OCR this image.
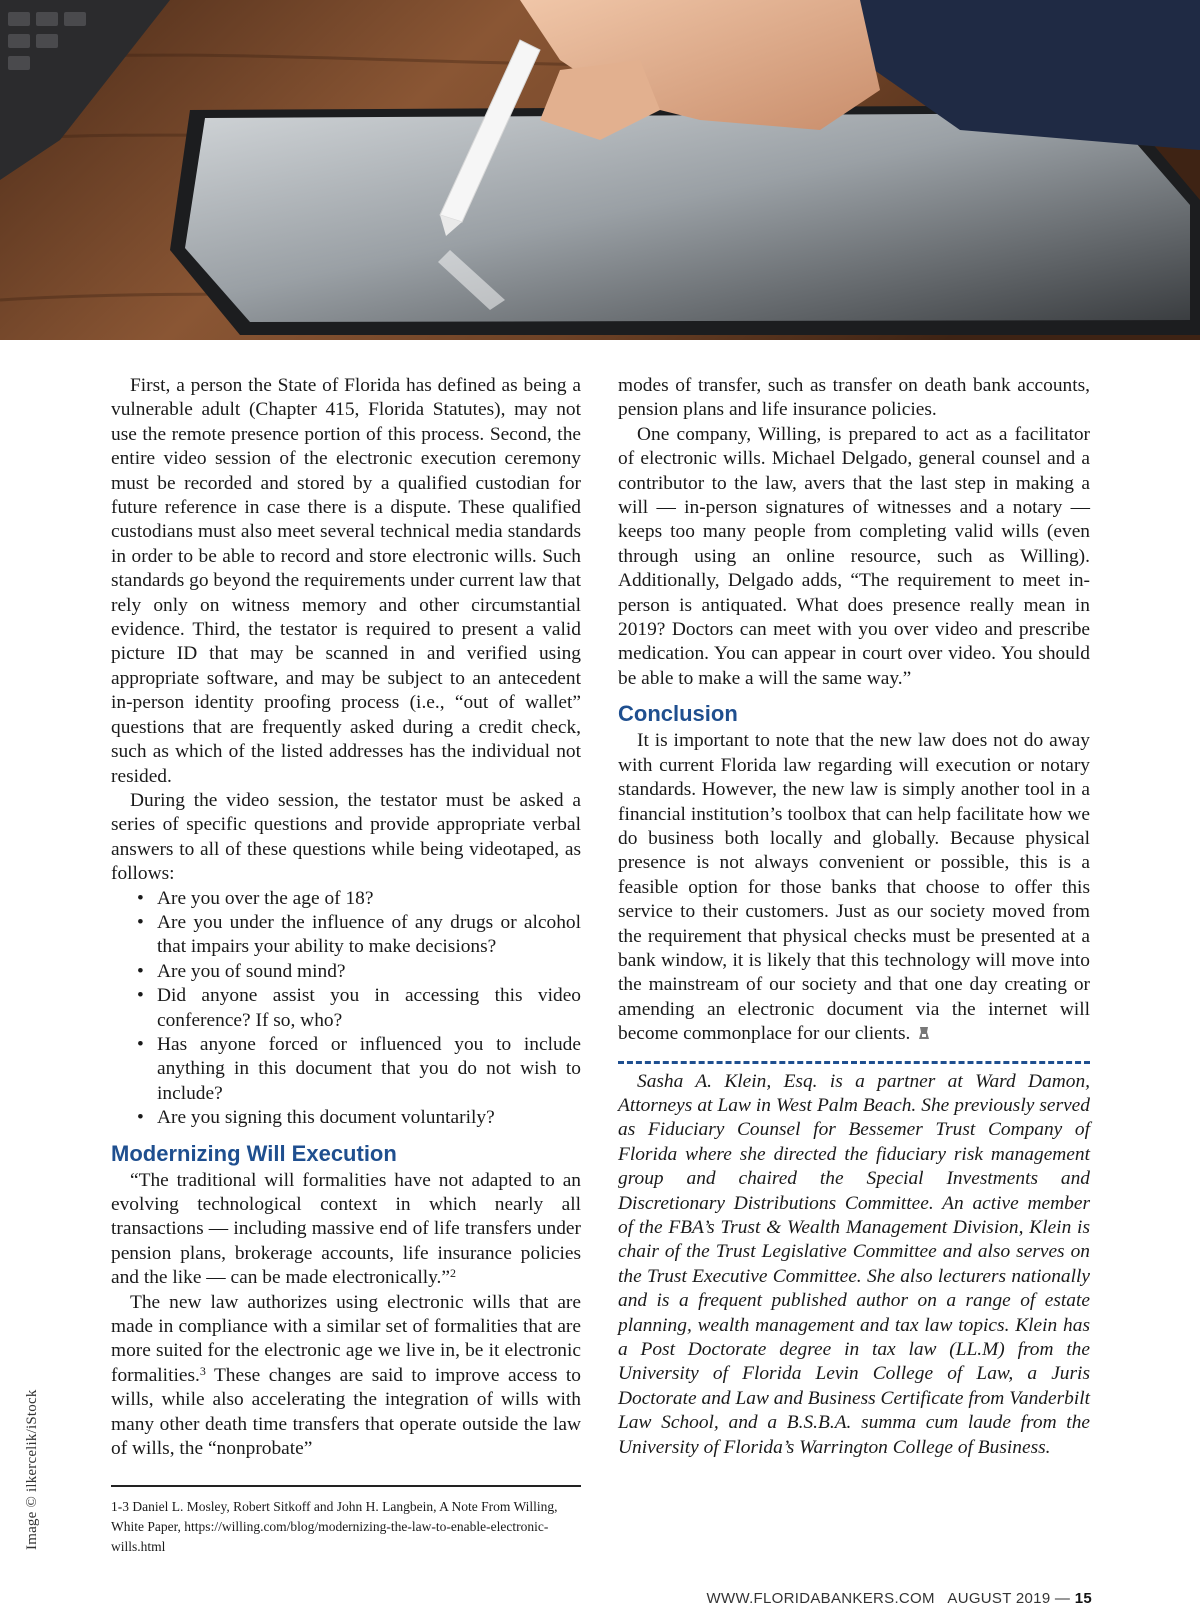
Image © ilkercelik/iStock

First, a person the State of Florida has defined as being a vulnerable adult (Chapter 415, Florida Statutes), may not use the remote presence portion of this process. Second, the entire video session of the electronic execution ceremony must be recorded and stored by a qualified custodian for future reference in case there is a dispute. These qualified custodians must also meet several technical media standards in order to be able to record and store electronic wills. Such standards go beyond the requirements under current law that rely only on witness memory and other circumstantial evidence. Third, the testator is required to present a valid picture ID that may be scanned in and verified using appropriate software, and may be subject to an antecedent in-person identity proofing process (i.e., “out of wallet” questions that are frequently asked during a credit check, such as which of the listed addresses has the individual not resided.

During the video session, the testator must be asked a series of specific questions and provide appropriate verbal answers to all of these questions while being videotaped, as follows:

• Are you over the age of 18?
• Are you under the influence of any drugs or alcohol that impairs your ability to make decisions?
• Are you of sound mind?
• Did anyone assist you in accessing this video conference? If so, who?
• Has anyone forced or influenced you to include anything in this document that you do not wish to include?
• Are you signing this document voluntarily?
Modernizing Will Execution

“The traditional will formalities have not adapted to an evolving technological context in which nearly all transactions — including massive end of life transfers under pension plans, brokerage accounts, life insurance policies and the like — can be made electronically.”$^2$

The new law authorizes using electronic wills that are made in compliance with a similar set of formalities that are more suited for the electronic age we live in, be it electronic formalities.$^3$ These changes are said to improve access to wills, while also accelerating the integration of wills with many other death time transfers that operate outside the law of wills, the “nonprobate”

1-3 Daniel L. Mosley, Robert Sitkoff and John H. Langbein, A Note From Willing, White Paper, https://willing.com/blog/modernizing-the-law-to-enable-electronic-wills.html

modes of transfer, such as transfer on death bank accounts, pension plans and life insurance policies.

One company, Willing, is prepared to act as a facilitator of electronic wills. Michael Delgado, general counsel and a contributor to the law, avers that the last step in making a will — in-person signatures of witnesses and a notary — keeps too many people from completing valid wills (even through using an online resource, such as Willing). Additionally, Delgado adds, “The requirement to meet in-person is antiquated. What does presence really mean in 2019? Doctors can meet with you over video and prescribe medication. You can appear in court over video. You should be able to make a will the same way.”

Conclusion

It is important to note that the new law does not do away with current Florida law regarding will execution or notary standards. However, the new law is simply another tool in a financial institution’s toolbox that can help facilitate how we do business both locally and globally. Because physical presence is not always convenient or possible, this is a feasible option for those banks that choose to offer this service to their customers. Just as our society moved from the requirement that physical checks must be presented at a bank window, it is likely that this technology will move into the mainstream of our society and that one day creating or amending an electronic document via the internet will become commonplace for our clients.

Sasha A. Klein, Esq. is a partner at Ward Damon, Attorneys at Law in West Palm Beach. She previously served as Fiduciary Counsel for Bessemer Trust Company of Florida where she directed the fiduciary risk management group and chaired the Special Investments and Discretionary Distributions Committee. An active member of the FBA’s Trust & Wealth Management Division, Klein is chair of the Trust Legislative Committee and also serves on the Trust Executive Committee. She also lecturers nationally and is a frequent published author on a range of estate planning, wealth management and tax law topics. Klein has a Post Doctorate degree in tax law (LL.M) from the University of Florida Levin College of Law, a Juris Doctorate and Law and Business Certificate from Vanderbilt Law School, and a B.S.B.A. summa cum laude from the University of Florida’s Warrington College of Business.

WWW.FLORIDABANKERS.COM AUGUST 2019 — 15
